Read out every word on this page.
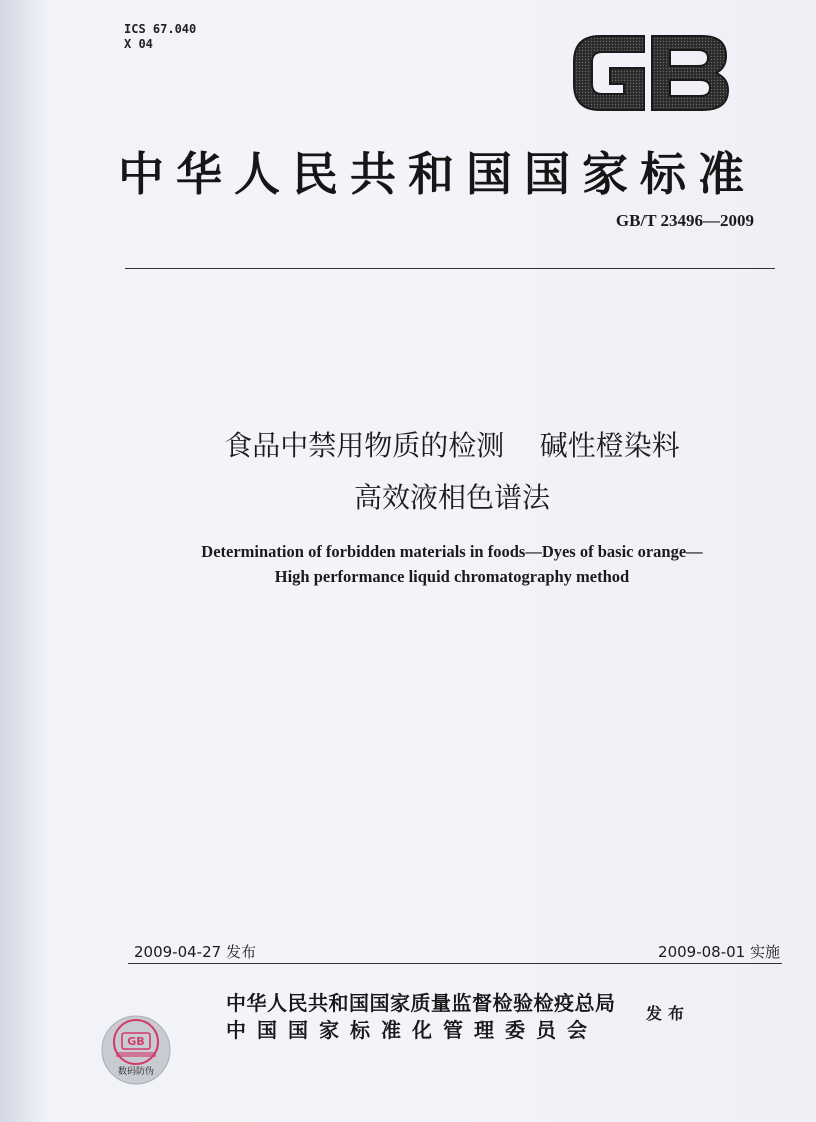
ICS 67.040
X 04
中华人民共和国国家标准
GB/T 23496—2009
食品中禁用物质的检测    碱性橙染料
高效液相色谱法
Determination of forbidden materials in foods—Dyes of basic orange—
High performance liquid chromatography method
2009-04-27 发布	2009-08-01 实施
中华人民共和国国家质量监督检验检疫总局
中国国家标准化管理委员会
发布
GB
数码防伪
